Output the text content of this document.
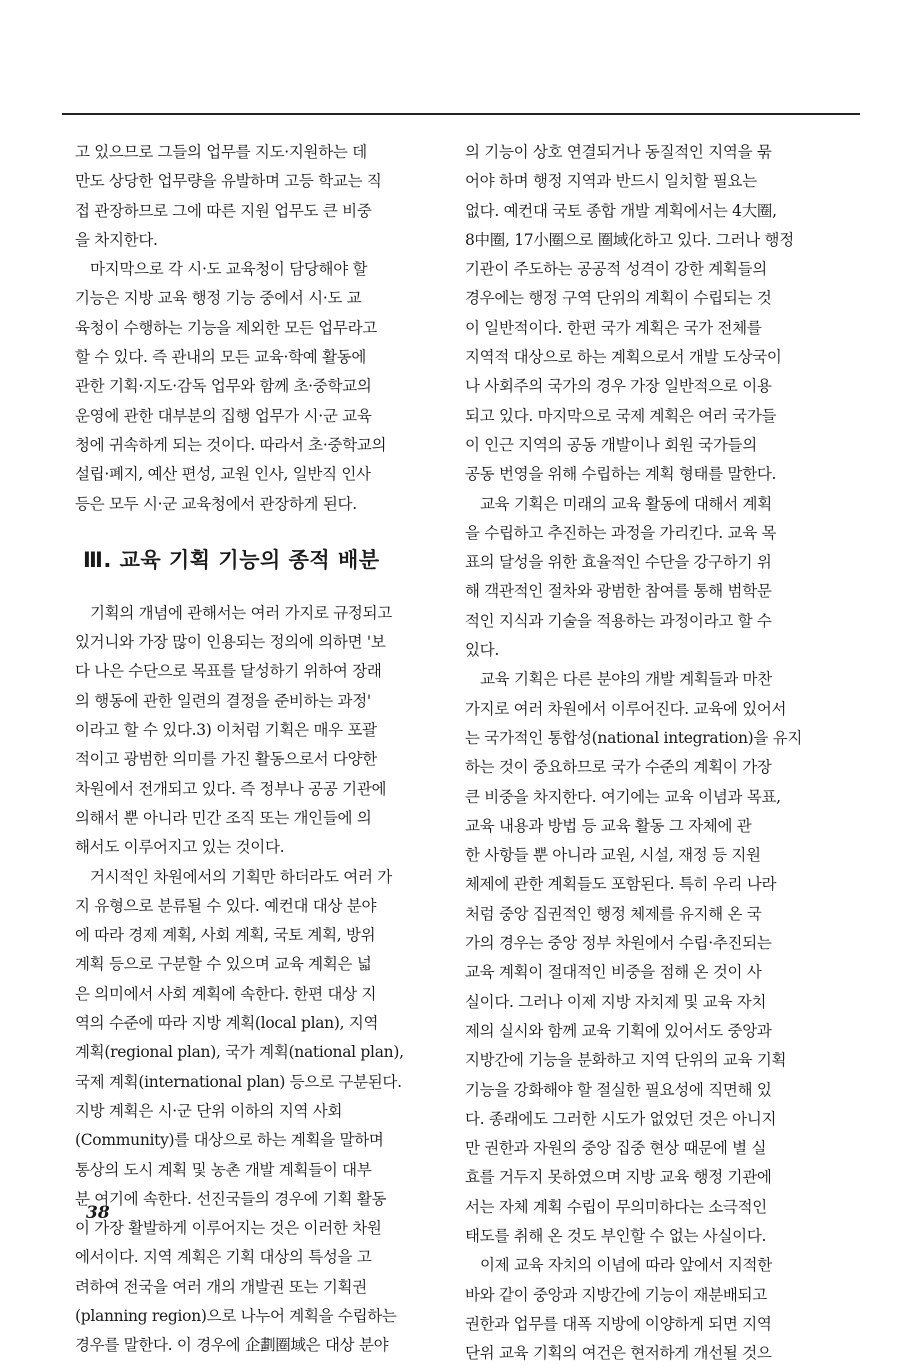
고 있으므로 그들의 업무를 지도·지원하는 데
만도 상당한 업무량을 유발하며 고등 학교는 직
접 관장하므로 그에 따른 지원 업무도 큰 비중
을 차지한다.
마지막으로 각 시·도 교육청이 담당해야 할
기능은 지방 교육 행정 기능 중에서 시·도 교
육청이 수행하는 기능을 제외한 모든 업무라고
할 수 있다. 즉 관내의 모든 교육·학예 활동에
관한 기획·지도·감독 업무와 함께 초·중학교의
운영에 관한 대부분의 집행 업무가 시·군 교육
청에 귀속하게 되는 것이다. 따라서 초·중학교의
설립·폐지, 예산 편성, 교원 인사, 일반직 인사
등은 모두 시·군 교육청에서 관장하게 된다.
Ⅲ. 교육 기획 기능의 종적 배분
기획의 개념에 관해서는 여러 가지로 규정되고
있거니와 가장 많이 인용되는 정의에 의하면 '보
다 나은 수단으로 목표를 달성하기 위하여 장래
의 행동에 관한 일련의 결정을 준비하는 과정'
이라고 할 수 있다.3) 이처럼 기획은 매우 포괄
적이고 광범한 의미를 가진 활동으로서 다양한
차원에서 전개되고 있다. 즉 정부나 공공 기관에
의해서 뿐 아니라 민간 조직 또는 개인들에 의
해서도 이루어지고 있는 것이다.
거시적인 차원에서의 기획만 하더라도 여러 가
지 유형으로 분류될 수 있다. 예컨대 대상 분야
에 따라 경제 계획, 사회 계획, 국토 계획, 방위
계획 등으로 구분할 수 있으며 교육 계획은 넓
은 의미에서 사회 계획에 속한다. 한편 대상 지
역의 수준에 따라 지방 계획(local plan), 지역
계획(regional plan), 국가 계획(national plan),
국제 계획(international plan) 등으로 구분된다.
지방 계획은 시·군 단위 이하의 지역 사회
(Community)를 대상으로 하는 계획을 말하며
통상의 도시 계획 및 농촌 개발 계획들이 대부
분 여기에 속한다. 선진국들의 경우에 기획 활동
이 가장 활발하게 이루어지는 것은 이러한 차원
에서이다. 지역 계획은 기획 대상의 특성을 고
려하여 전국을 여러 개의 개발권 또는 기획권
(planning region)으로 나누어 계획을 수립하는
경우를 말한다. 이 경우에 企劃圈域은 대상 분야
의 기능이 상호 연결되거나 동질적인 지역을 묶
어야 하며 행정 지역과 반드시 일치할 필요는
없다. 예컨대 국토 종합 개발 계획에서는 4大圈,
8中圈, 17小圈으로 圈域化하고 있다. 그러나 행정
기관이 주도하는 공공적 성격이 강한 계획들의
경우에는 행정 구역 단위의 계획이 수립되는 것
이 일반적이다. 한편 국가 계획은 국가 전체를
지역적 대상으로 하는 계획으로서 개발 도상국이
나 사회주의 국가의 경우 가장 일반적으로 이용
되고 있다. 마지막으로 국제 계획은 여러 국가들
이 인근 지역의 공동 개발이나 회원 국가들의
공동 번영을 위해 수립하는 계획 형태를 말한다.
교육 기획은 미래의 교육 활동에 대해서 계획
을 수립하고 추진하는 과정을 가리킨다. 교육 목
표의 달성을 위한 효율적인 수단을 강구하기 위
해 객관적인 절차와 광범한 참여를 통해 범학문
적인 지식과 기술을 적용하는 과정이라고 할 수
있다.
교육 기획은 다른 분야의 개발 계획들과 마찬
가지로 여러 차원에서 이루어진다. 교육에 있어서
는 국가적인 통합성(national integration)을 유지
하는 것이 중요하므로 국가 수준의 계획이 가장
큰 비중을 차지한다. 여기에는 교육 이념과 목표,
교육 내용과 방법 등 교육 활동 그 자체에 관
한 사항들 뿐 아니라 교원, 시설, 재정 등 지원
체제에 관한 계획들도 포함된다. 특히 우리 나라
처럼 중앙 집권적인 행정 체제를 유지해 온 국
가의 경우는 중앙 정부 차원에서 수립·추진되는
교육 계획이 절대적인 비중을 점해 온 것이 사
실이다. 그러나 이제 지방 자치제 및 교육 자치
제의 실시와 함께 교육 기획에 있어서도 중앙과
지방간에 기능을 분화하고 지역 단위의 교육 기획
기능을 강화해야 할 절실한 필요성에 직면해 있
다. 종래에도 그러한 시도가 없었던 것은 아니지
만 권한과 자원의 중앙 집중 현상 때문에 별 실
효를 거두지 못하였으며 지방 교육 행정 기관에
서는 자체 계획 수립이 무의미하다는 소극적인
태도를 취해 온 것도 부인할 수 없는 사실이다.
이제 교육 자치의 이념에 따라 앞에서 지적한
바와 같이 중앙과 지방간에 기능이 재분배되고
권한과 업무를 대폭 지방에 이양하게 되면 지역
단위 교육 기획의 여건은 현저하게 개선될 것으
38
